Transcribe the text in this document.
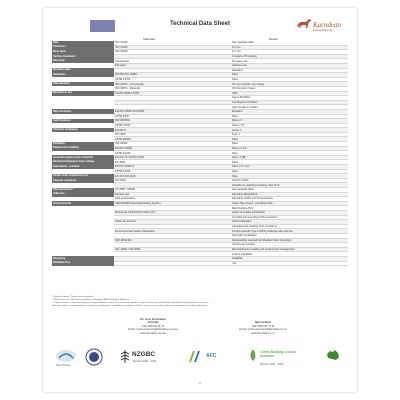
Technical Data Sheet	Karndean
Designflooring
Standard	Result
Size	ISO 24342	See separate table
Thickness	ISO 24346	3.0 mm
Wear layer	ISO 24340	0.7 mm
Surface treatment		K-Guard+ PU coating
Warranty*	Commercial	20 years max
	Domestic	Lifetime max
Bevelled edge		Standard
Standards	EN 649 ISO 10582	Pass
	ASTM F1700	Pass
Classification	ISO 10874 - Commercial	33: Commercial: very heavy
	ISO 10874 - Domestic	23: Domestic: heavy
Reaction to fire	AS ISO 9239.1:2003	CRF
		Gap 0.45 kW/m²
		Not Dupont 0.4 kW/m²
		Stair Smoke 0.4 kW/m²
Slip resistance	EN ISO 10545 Sm/1000h	Excellent
	ASTM F925	Pass
Light fastness	ISO 105-B02	Pass ≥ 6
	ASTM F1515	Pass (< 8)
Abrasion resistance	EN 660-2	Group T
	ISO 9352	Type 1
	ASTM D4060	Pass
Flexibility	ISO 24344	Pass
Dimensional stability	EN ISO 23999	Pass ≤ 0.1%
	ASTM F2199	Pass
Acoustic impact noise reduction	EN ISO 717-2/ISO 140-8	ΔLw = 4 dB
Electrical behaviour body voltage	EN 1815	Pass
Indentation - residual	EN ISO 24343-1	Pass ≤ 0.1 mm
	ASTM F1914	Pass
Castor chair continuous use	EN 425 ISO 4918	Pass
Thermal resistance	ISO 8302	0.0147 m²K/W
		Suitable for underfloor heating, Max 27°C
Slip resistance**	AS 4586 / HB198	See separate table
Adhesive	General use	Karndean Mega Bond
	High temperature	Karndean HHR Loam Polyurethane
Environmental	GBCA/NGBC Greenstar Rating System	Green Tag Level A, LCA Silver Plus
		Best Practice PVC
	Floorscore SCS EC10.3 2014 v4.0	Indoor air quality certification
		Compliant limit emitting VOC emissions
	Indoor Air Comfort	Gold certification
		Compliant low emitting VOC emissions
	Environmental Product Declaration	Product-specific Type III EPD produced with external
		third party verification
	NRT-MSE 332	Sustainability standard for Resilient Floor Coverings
		Conformant product
	ISO 14001 / ISO 9001	Manufactured to quality and environment management
		system standards
Recycling		Available
Phthalate free		Yes

* Subject to terms. Please see our website.

** Result is as per 2016 when installed on Karndean HHR Wood Floor Adhesive.

*** Slip resistance is determined by the testing conditions stated. Test results are indicative only and may vary with flooring, installation and maintenance practices.

Karndean takes no responsibility for a product's performance, suitability or compliance. Please contact your local Karndean representative for further information.

For more information
Australia
Call: 1800 33 11 76
Email: customerservice@karndean.com.au
www.karndean.com.au
New Zealand
Call: 0800 40 74 33
Email: customerservice@karndean.co.nz
www.karndean.co.nz
FloorScore
NZGBC
Member 2021 - 2022
AFC
Green Building Council Australia
Member 2021 - 2022
2
